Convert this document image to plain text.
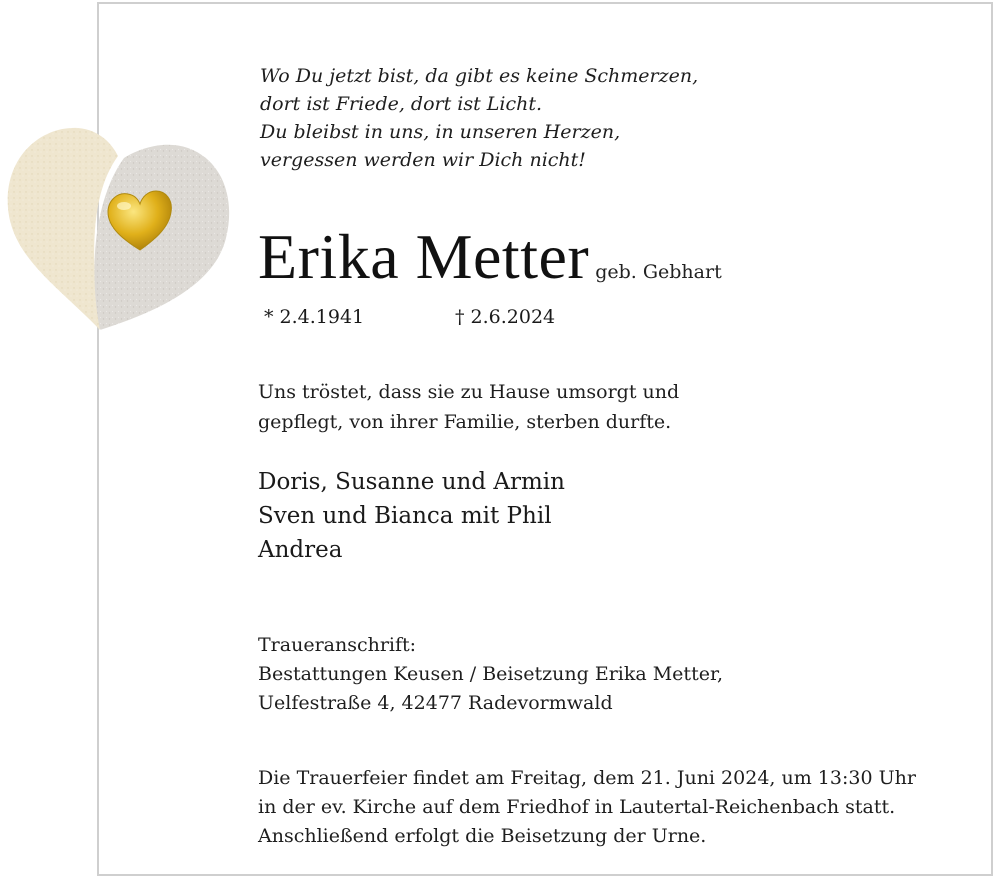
Wo Du jetzt bist, da gibt es keine Schmerzen,
dort ist Friede, dort ist Licht.
Du bleibst in uns, in unseren Herzen,
vergessen werden wir Dich nicht!

Erika Metter geb. Gebhart
* 2.4.1941	† 2.6.2024

Uns tröstet, dass sie zu Hause umsorgt und
gepflegt, von ihrer Familie, sterben durfte.

Doris, Susanne und Armin
Sven und Bianca mit Phil
Andrea

Traueranschrift:
Bestattungen Keusen / Beisetzung Erika Metter,
Uelfestraße 4, 42477 Radevormwald

Die Trauerfeier findet am Freitag, dem 21. Juni 2024, um 13:30 Uhr
in der ev. Kirche auf dem Friedhof in Lautertal-Reichenbach statt.
Anschließend erfolgt die Beisetzung der Urne.
